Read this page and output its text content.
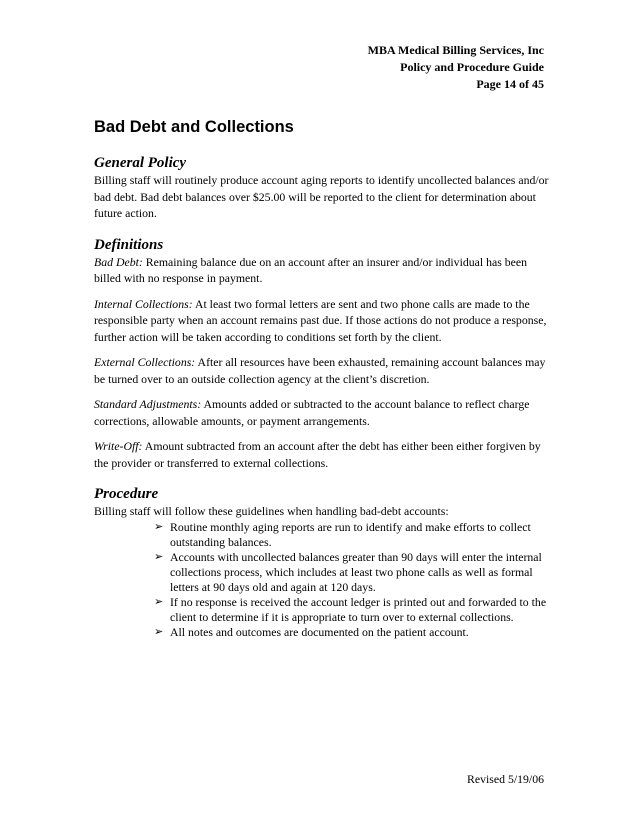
MBA Medical Billing Services, Inc
Policy and Procedure Guide
Page 14 of 45
Bad Debt and Collections
General Policy

Billing staff will routinely produce account aging reports to identify uncollected balances and/or bad debt. Bad debt balances over $25.00 will be reported to the client for determination about future action.

Definitions

Bad Debt: Remaining balance due on an account after an insurer and/or individual has been billed with no response in payment.

Internal Collections: At least two formal letters are sent and two phone calls are made to the responsible party when an account remains past due. If those actions do not produce a response, further action will be taken according to conditions set forth by the client.

External Collections: After all resources have been exhausted, remaining account balances may be turned over to an outside collection agency at the client’s discretion.

Standard Adjustments: Amounts added or subtracted to the account balance to reflect charge corrections, allowable amounts, or payment arrangements.

Write-Off: Amount subtracted from an account after the debt has either been either forgiven by the provider or transferred to external collections.

Procedure

Billing staff will follow these guidelines when handling bad-debt accounts:

➢ Routine monthly aging reports are run to identify and make efforts to collect outstanding balances.
➢ Accounts with uncollected balances greater than 90 days will enter the internal collections process, which includes at least two phone calls as well as formal letters at 90 days old and again at 120 days.
➢ If no response is received the account ledger is printed out and forwarded to the client to determine if it is appropriate to turn over to external collections.
➢ All notes and outcomes are documented on the patient account.
Revised 5/19/06
